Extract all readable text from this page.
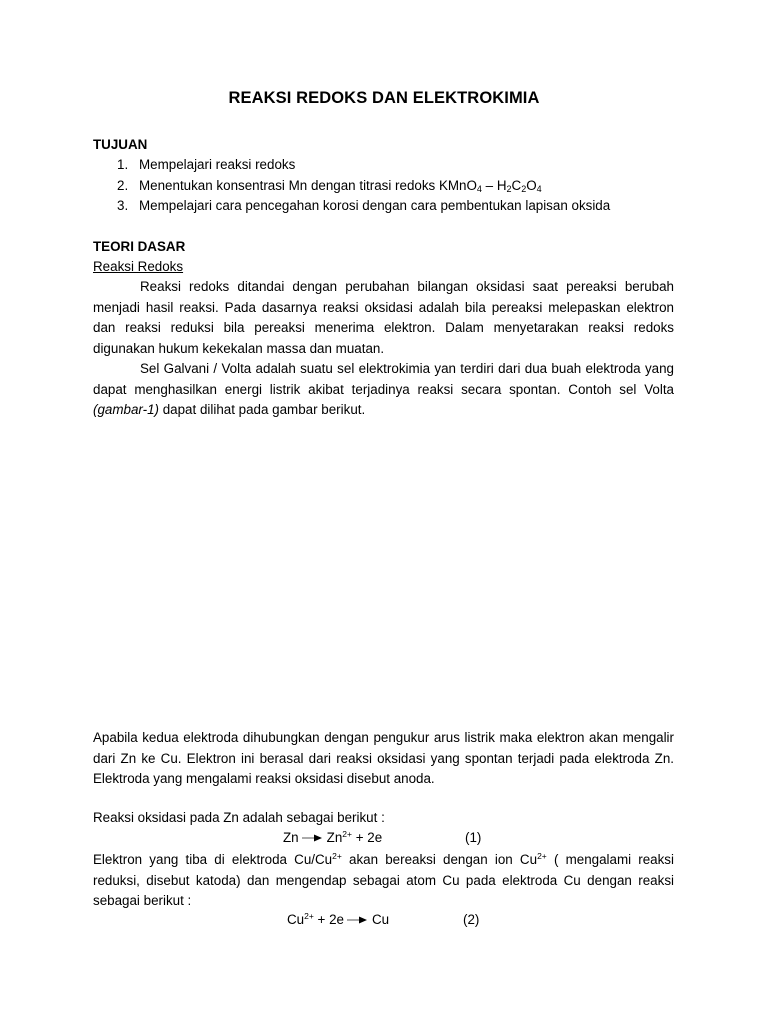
REAKSI REDOKS DAN ELEKTROKIMIA
TUJUAN
1. Mempelajari reaksi redoks
2. Menentukan konsentrasi Mn dengan titrasi redoks KMnO$_4$ – $H_2C_2O_4$
3. Mempelajari cara pencegahan korosi dengan cara pembentukan lapisan oksida
TEORI DASAR
Reaksi Redoks
Reaksi redoks ditandai dengan perubahan bilangan oksidasi saat pereaksi berubah menjadi hasil reaksi. Pada dasarnya reaksi oksidasi adalah bila pereaksi melepaskan elektron dan reaksi reduksi bila pereaksi menerima elektron. Dalam menyetarakan reaksi redoks digunakan hukum kekekalan massa dan muatan.
Sel Galvani / Volta adalah suatu sel elektrokimia yan terdiri dari dua buah elektroda yang dapat menghasilkan energi listrik akibat terjadinya reaksi secara spontan. Contoh sel Volta (gambar-1) dapat dilihat pada gambar berikut.
Apabila kedua elektroda dihubungkan dengan pengukur arus listrik maka elektron akan mengalir dari Zn ke Cu. Elektron ini berasal dari reaksi oksidasi yang spontan terjadi pada elektroda Zn. Elektroda yang mengalami reaksi oksidasi disebut anoda.
Reaksi oksidasi pada Zn adalah sebagai berikut :
$Zn \to Zn^{2+} + 2e$	(1)
Elektron yang tiba di elektroda $Cu/Cu^{2+}$ akan bereaksi dengan ion $Cu^{2+}$ ( mengalami reaksi reduksi, disebut katoda) dan mengendap sebagai atom Cu pada elektroda Cu dengan reaksi sebagai berikut :
$Cu^{2+} + 2e \to Cu$	(2)
